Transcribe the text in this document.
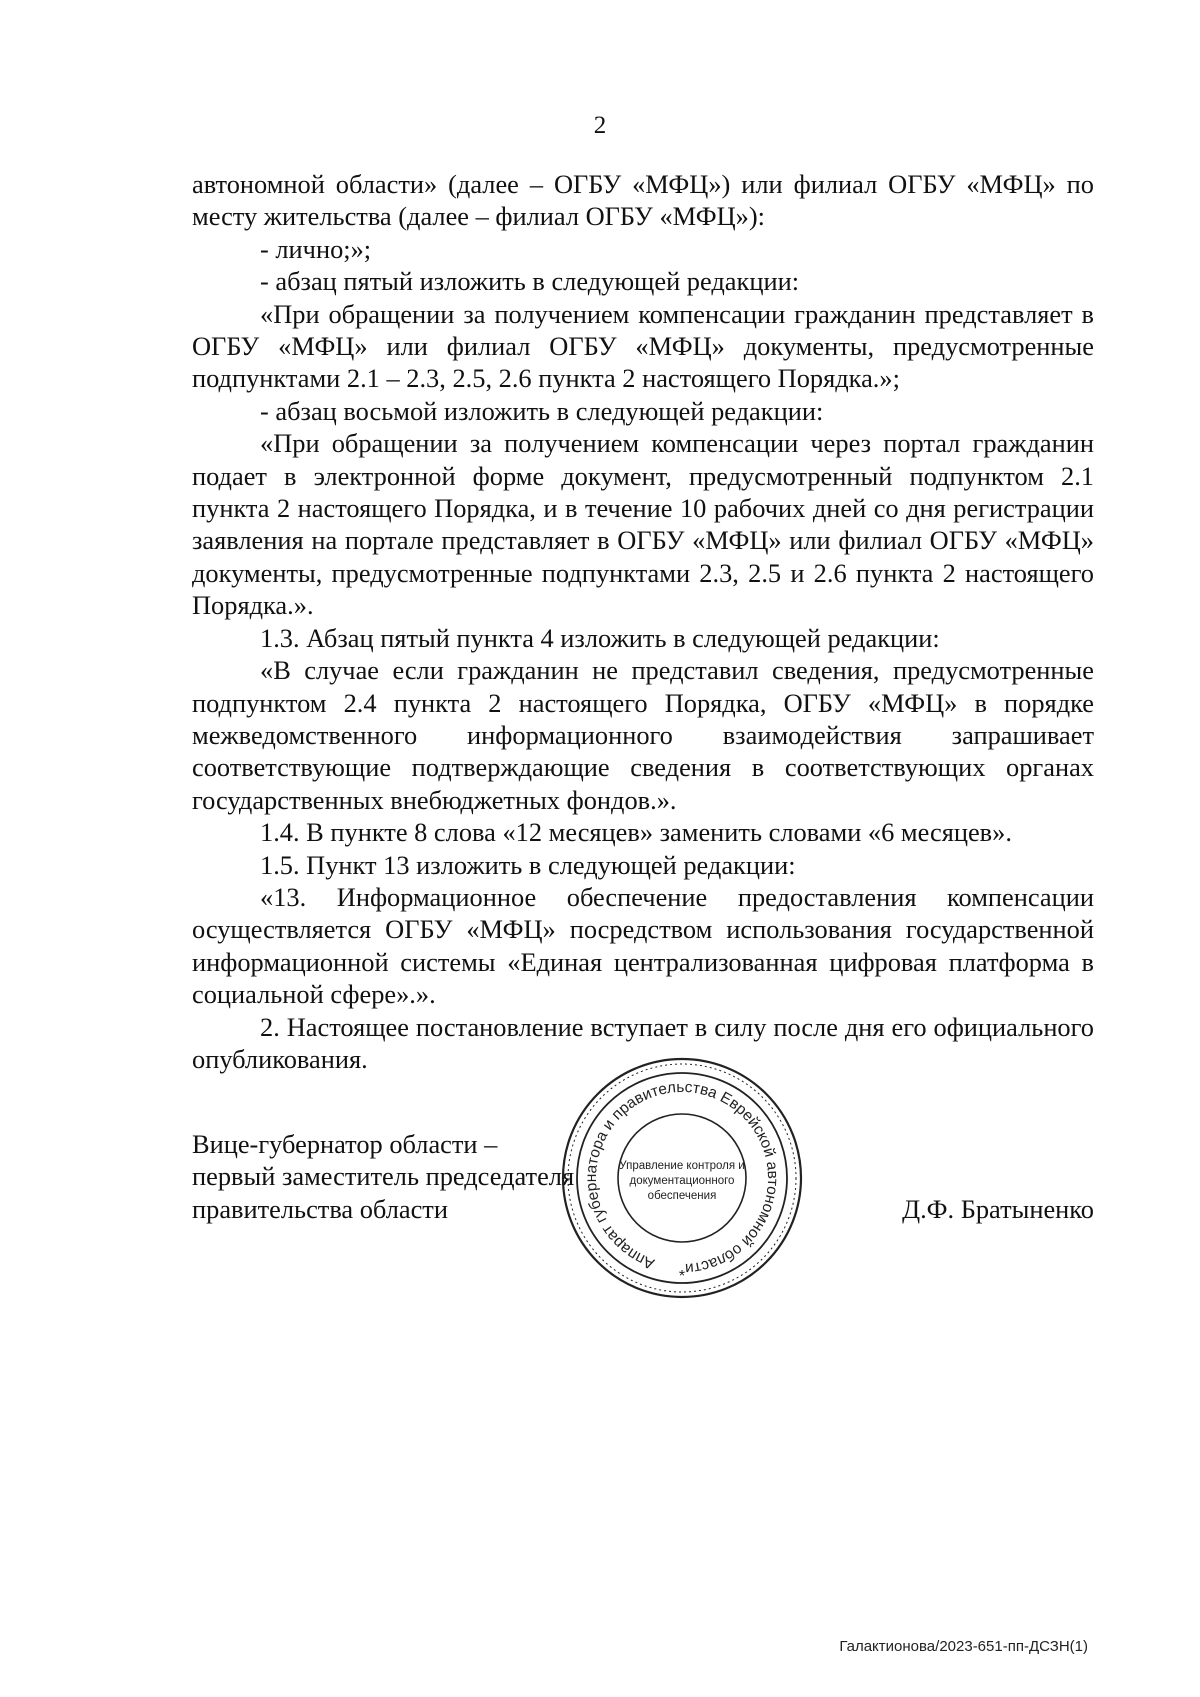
2

автономной области» (далее – ОГБУ «МФЦ») или филиал ОГБУ «МФЦ» по месту жительства (далее – филиал ОГБУ «МФЦ»):

- лично;»;

- абзац пятый изложить в следующей редакции:

«При обращении за получением компенсации гражданин представляет в ОГБУ «МФЦ» или филиал ОГБУ «МФЦ» документы, предусмотренные подпунктами 2.1 – 2.3, 2.5, 2.6 пункта 2 настоящего Порядка.»;

- абзац восьмой изложить в следующей редакции:

«При обращении за получением компенсации через портал гражданин подает в электронной форме документ, предусмотренный подпунктом 2.1 пункта 2 настоящего Порядка, и в течение 10 рабочих дней со дня регистрации заявления на портале представляет в ОГБУ «МФЦ» или филиал ОГБУ «МФЦ» документы, предусмотренные подпунктами 2.3, 2.5 и 2.6 пункта 2 настоящего Порядка.».

1.3. Абзац пятый пункта 4 изложить в следующей редакции:

«В случае если гражданин не представил сведения, предусмотренные подпунктом 2.4 пункта 2 настоящего Порядка, ОГБУ «МФЦ» в порядке межведомственного информационного взаимодействия запрашивает соответствующие подтверждающие сведения в соответствующих органах государственных внебюджетных фондов.».

1.4. В пункте 8 слова «12 месяцев» заменить словами «6 месяцев».

1.5. Пункт 13 изложить в следующей редакции:

«13. Информационное обеспечение предоставления компенсации осуществляется ОГБУ «МФЦ» посредством использования государственной информационной системы «Единая централизованная цифровая платформа в социальной сфере».».

2. Настоящее постановление вступает в силу после дня его официального опубликования.

Вице-губернатор области –
первый заместитель председателя
правительства области	Д.Ф. Братыненко
Аппарат губернатора и правительства Еврейской автономной области
Управление контроля и
документационного
обеспечения
*
Галактионова/2023-651-пп-ДСЗН(1)
